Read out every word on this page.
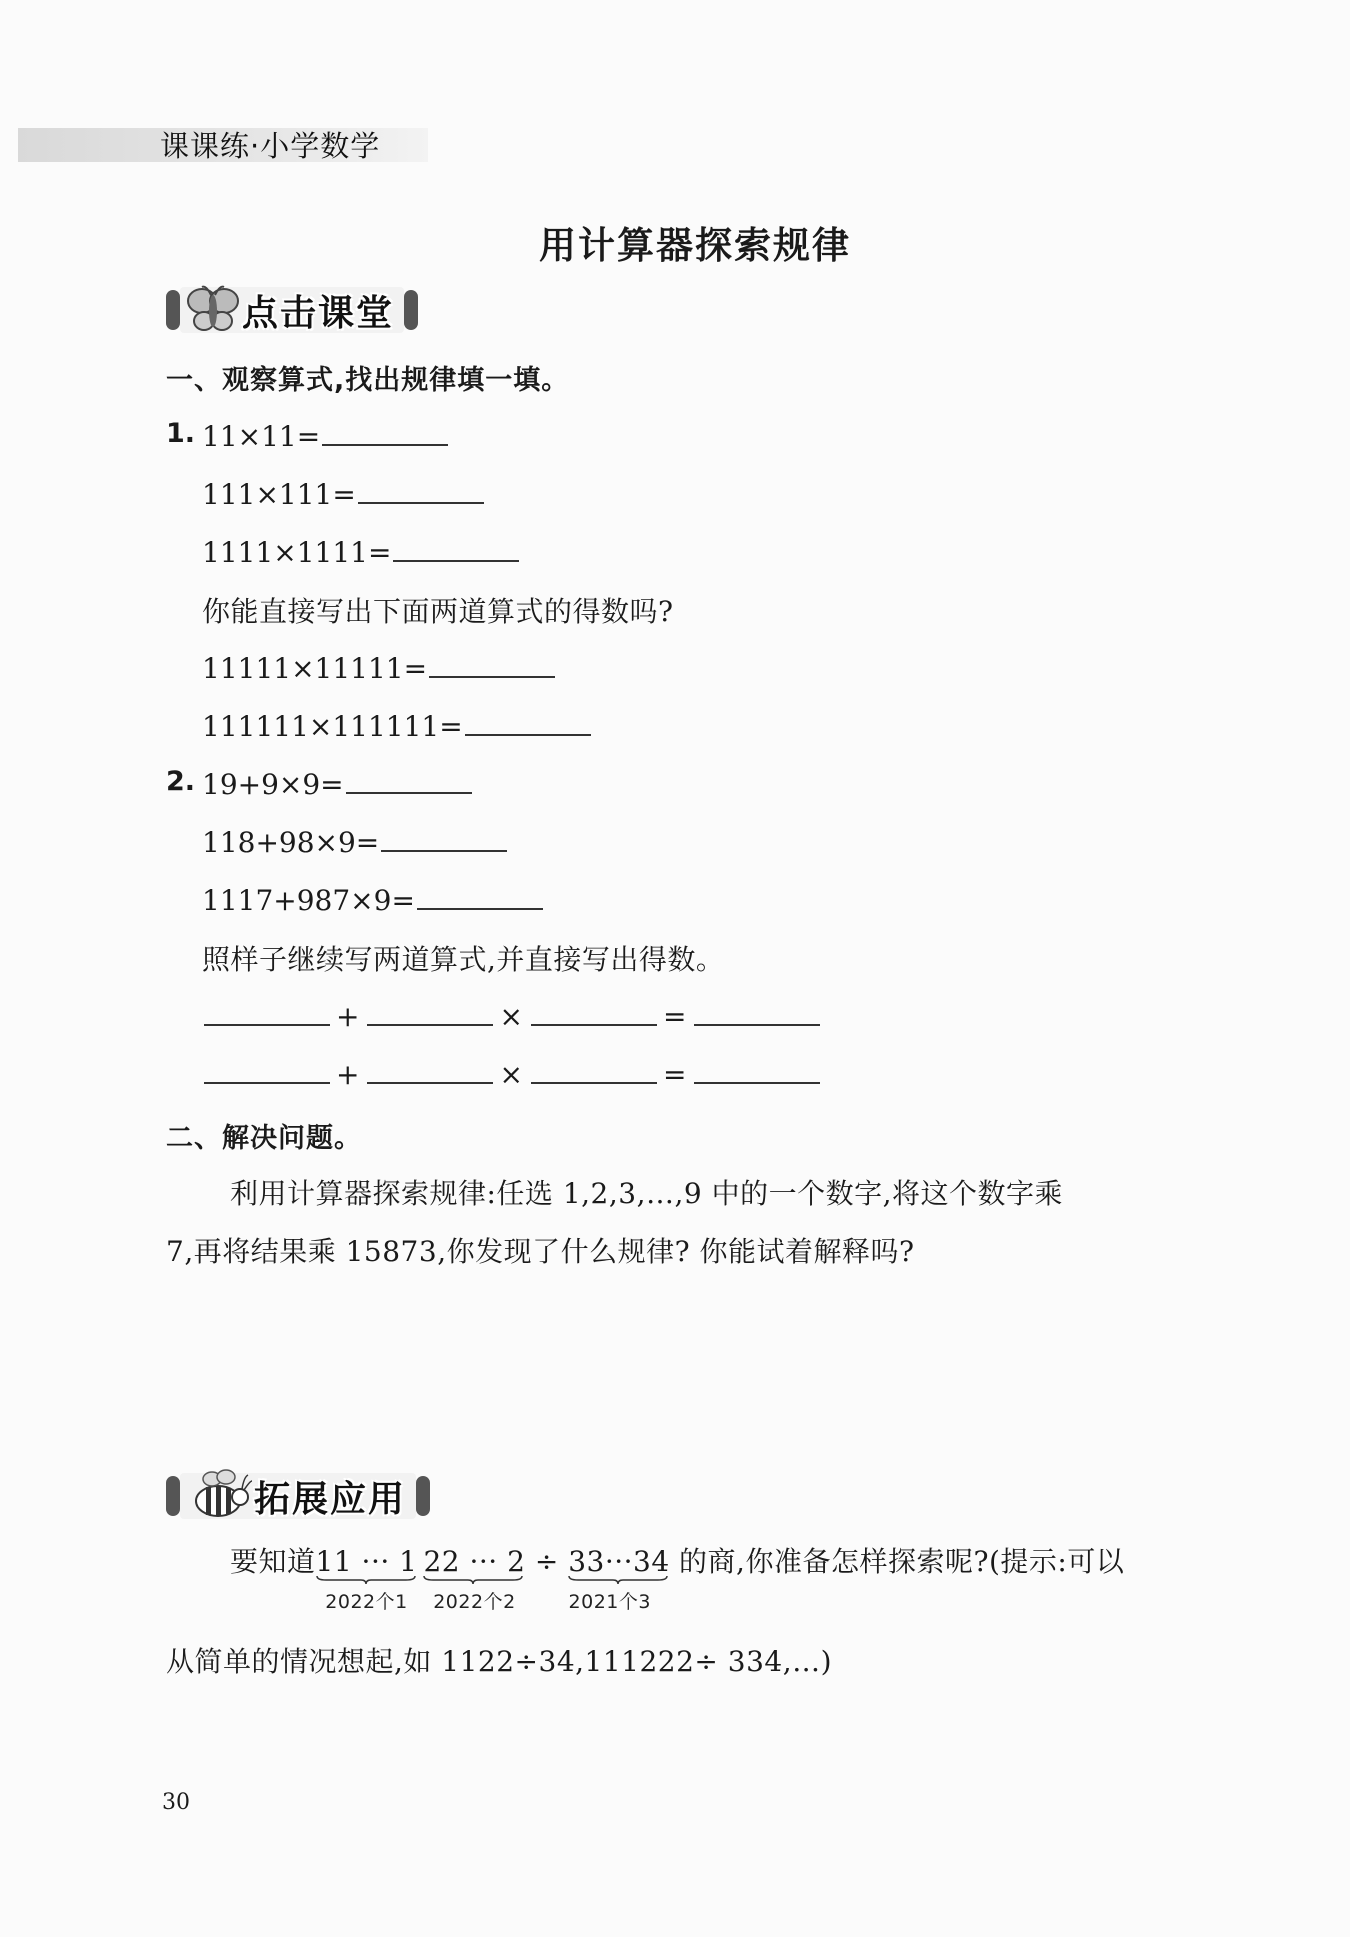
课课练·小学数学
用计算器探索规律
点击课堂
一、观察算式,找出规律填一填。
1. 11×11=
111×111=
1111×1111=
你能直接写出下面两道算式的得数吗?
11111×11111=
111111×111111=
2. 19+9×9=
118+98×9=
1117+987×9=
照样子继续写两道算式,并直接写出得数。
+	×	=
+	×	=
二、解决问题。
利用计算器探索规律:任选 1,2,3,…,9 中的一个数字,将这个数字乘
7,再将结果乘 15873,你发现了什么规律? 你能试着解释吗?
拓展应用
要知道 11 ··· 1
2022个1
22 ··· 2
2022个2
÷ 33···3
2021个3
4 的商,你准备怎样探索呢?(提示:可以
从简单的情况想起,如 1122÷34,111222÷ 334,…)
30
